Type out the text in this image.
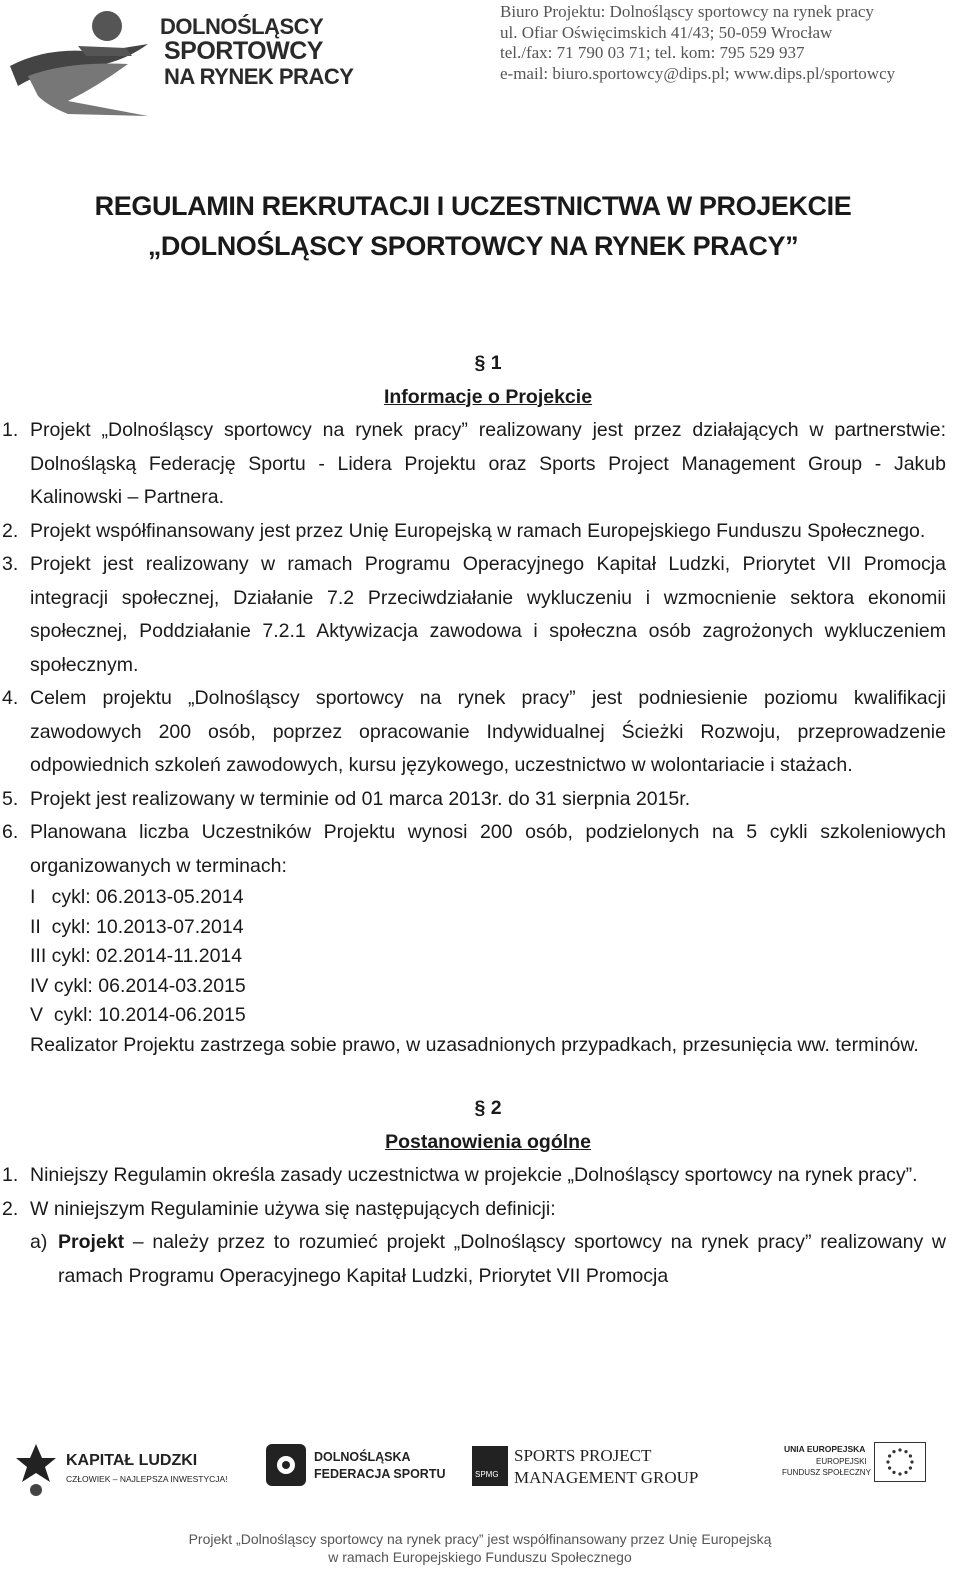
DOLNOŚLĄSCY
SPORTOWCY
NA RYNEK PRACY
Biuro Projektu: Dolnośląscy sportowcy na rynek pracy
ul. Ofiar Oświęcimskich 41/43; 50-059 Wrocław
tel./fax: 71 790 03 71; tel. kom: 795 529 937
e-mail: biuro.sportowcy@dips.pl; www.dips.pl/sportowcy
REGULAMIN REKRUTACJI I UCZESTNICTWA W PROJEKCIE
„DOLNOŚLĄSCY SPORTOWCY NA RYNEK PRACY”
§ 1
Informacje o Projekcie
1. Projekt „Dolnośląscy sportowcy na rynek pracy” realizowany jest przez działających w partnerstwie: Dolnośląską Federację Sportu - Lidera Projektu oraz Sports Project Management Group - Jakub Kalinowski – Partnera.
2. Projekt współfinansowany jest przez Unię Europejską w ramach Europejskiego Funduszu Społecznego.
3. Projekt jest realizowany w ramach Programu Operacyjnego Kapitał Ludzki, Priorytet VII Promocja integracji społecznej, Działanie 7.2 Przeciwdziałanie wykluczeniu i wzmocnienie sektora ekonomii społecznej, Poddziałanie 7.2.1 Aktywizacja zawodowa i społeczna osób zagrożonych wykluczeniem społecznym.
4. Celem projektu „Dolnośląscy sportowcy na rynek pracy” jest podniesienie poziomu kwalifikacji zawodowych 200 osób, poprzez opracowanie Indywidualnej Ścieżki Rozwoju, przeprowadzenie odpowiednich szkoleń zawodowych, kursu językowego, uczestnictwo w wolontariacie i stażach.
5. Projekt jest realizowany w terminie od 01 marca 2013r. do 31 sierpnia 2015r.
6. Planowana liczba Uczestników Projektu wynosi 200 osób, podzielonych na 5 cykli szkoleniowych organizowanych w terminach:
I   cykl: 06.2013-05.2014
II  cykl: 10.2013-07.2014
III cykl: 02.2014-11.2014
IV cykl: 06.2014-03.2015
V  cykl: 10.2014-06.2015
Realizator Projektu zastrzega sobie prawo, w uzasadnionych przypadkach, przesunięcia ww. terminów.
§ 2
Postanowienia ogólne
1. Niniejszy Regulamin określa zasady uczestnictwa w projekcie „Dolnośląscy sportowcy na rynek pracy”.
2. W niniejszym Regulaminie używa się następujących definicji:
a) Projekt – należy przez to rozumieć projekt „Dolnośląscy sportowcy na rynek pracy” realizowany w ramach Programu Operacyjnego Kapitał Ludzki, Priorytet VII Promocja
KAPITAŁ LUDZKI
CZŁOWIEK – NAJLEPSZA INWESTYCJA!
DOLNOŚLĄSKA
FEDERACJA SPORTU	SPMG
SPORTS PROJECT
MANAGEMENT GROUP
UNIA EUROPEJSKA
EUROPEJSKI
FUNDUSZ SPOŁECZNY
Projekt „Dolnośląscy sportowcy na rynek pracy” jest współfinansowany przez Unię Europejską
w ramach Europejskiego Funduszu Społecznego
